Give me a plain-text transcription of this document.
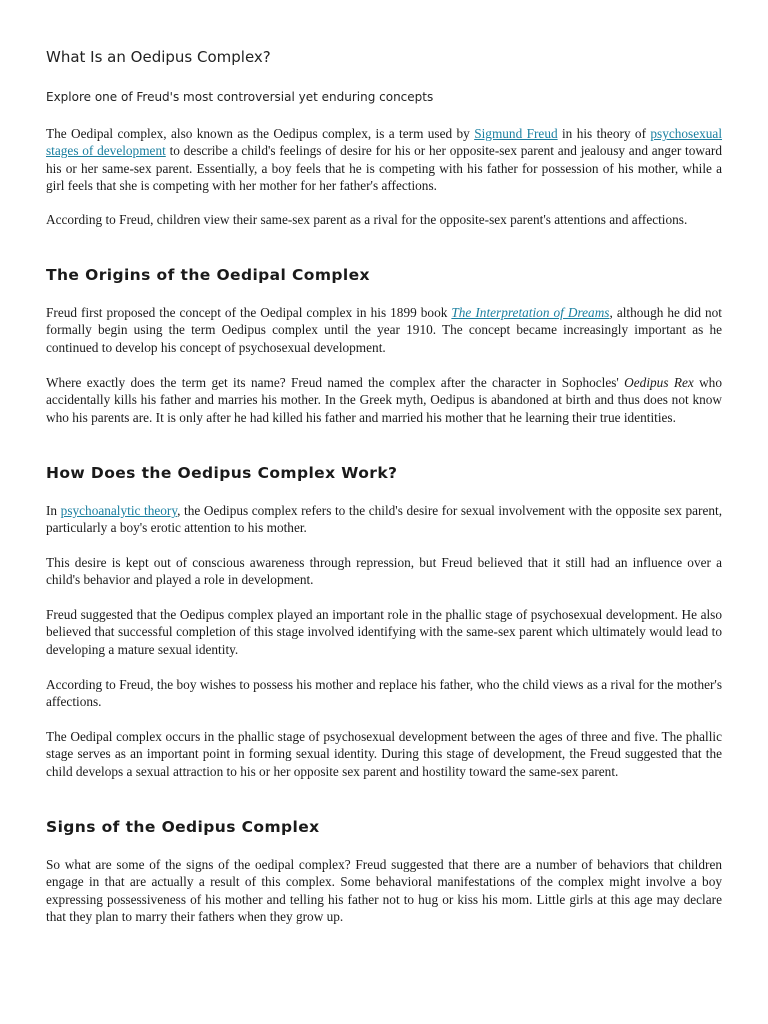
What Is an Oedipus Complex?

Explore one of Freud's most controversial yet enduring concepts

The Oedipal complex, also known as the Oedipus complex, is a term used by Sigmund Freud in his theory of psychosexual stages of development to describe a child's feelings of desire for his or her opposite-sex parent and jealousy and anger toward his or her same-sex parent. Essentially, a boy feels that he is competing with his father for possession of his mother, while a girl feels that she is competing with her mother for her father's affections.

According to Freud, children view their same-sex parent as a rival for the opposite-sex parent's attentions and affections.

The Origins of the Oedipal Complex

Freud first proposed the concept of the Oedipal complex in his 1899 book The Interpretation of Dreams, although he did not formally begin using the term Oedipus complex until the year 1910. The concept became increasingly important as he continued to develop his concept of psychosexual development.

Where exactly does the term get its name? Freud named the complex after the character in Sophocles' Oedipus Rex who accidentally kills his father and marries his mother. In the Greek myth, Oedipus is abandoned at birth and thus does not know who his parents are. It is only after he had killed his father and married his mother that he learning their true identities.

How Does the Oedipus Complex Work?

In psychoanalytic theory, the Oedipus complex refers to the child's desire for sexual involvement with the opposite sex parent, particularly a boy's erotic attention to his mother.

This desire is kept out of conscious awareness through repression, but Freud believed that it still had an influence over a child's behavior and played a role in development.

Freud suggested that the Oedipus complex played an important role in the phallic stage of psychosexual development. He also believed that successful completion of this stage involved identifying with the same-sex parent which ultimately would lead to developing a mature sexual identity.

According to Freud, the boy wishes to possess his mother and replace his father, who the child views as a rival for the mother's affections.

The Oedipal complex occurs in the phallic stage of psychosexual development between the ages of three and five. The phallic stage serves as an important point in forming sexual identity. During this stage of development, the Freud suggested that the child develops a sexual attraction to his or her opposite sex parent and hostility toward the same-sex parent.

Signs of the Oedipus Complex

So what are some of the signs of the oedipal complex? Freud suggested that there are a number of behaviors that children engage in that are actually a result of this complex. Some behavioral manifestations of the complex might involve a boy expressing possessiveness of his mother and telling his father not to hug or kiss his mom. Little girls at this age may declare that they plan to marry their fathers when they grow up.
